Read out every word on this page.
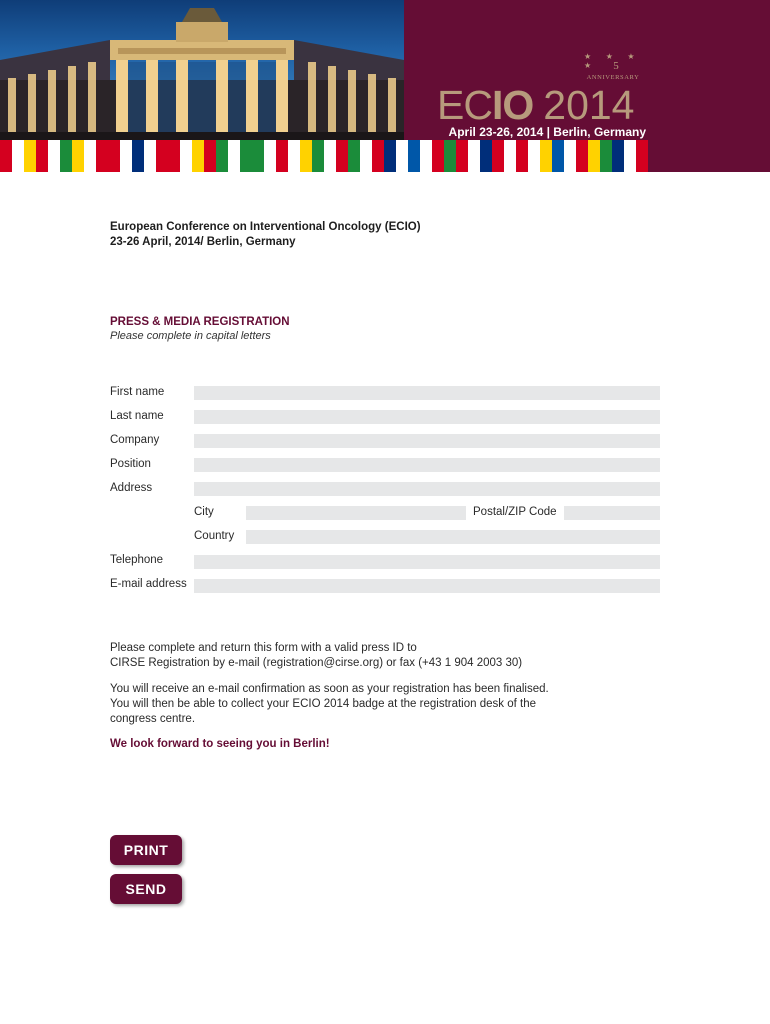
★ ★ ★ ★	5
ANNIVERSARY
ECIO 2014
April 23-26, 2014 | Berlin, Germany
European Conference on Interventional Oncology (ECIO)
23-26 April, 2014/ Berlin, Germany
PRESS & MEDIA REGISTRATION
Please complete in capital letters
First name
Last name
Company
Position
Address
City	Postal/ZIP Code
Country
Telephone
E-mail address
Please complete and return this form with a valid press ID to
CIRSE Registration by e-mail (registration@cirse.org) or fax (+43 1 904 2003 30)
You will receive an e-mail confirmation as soon as your registration has been finalised.
You will then be able to collect your ECIO 2014 badge at the registration desk of the
congress centre.
We look forward to seeing you in Berlin!
PRINT
SEND
